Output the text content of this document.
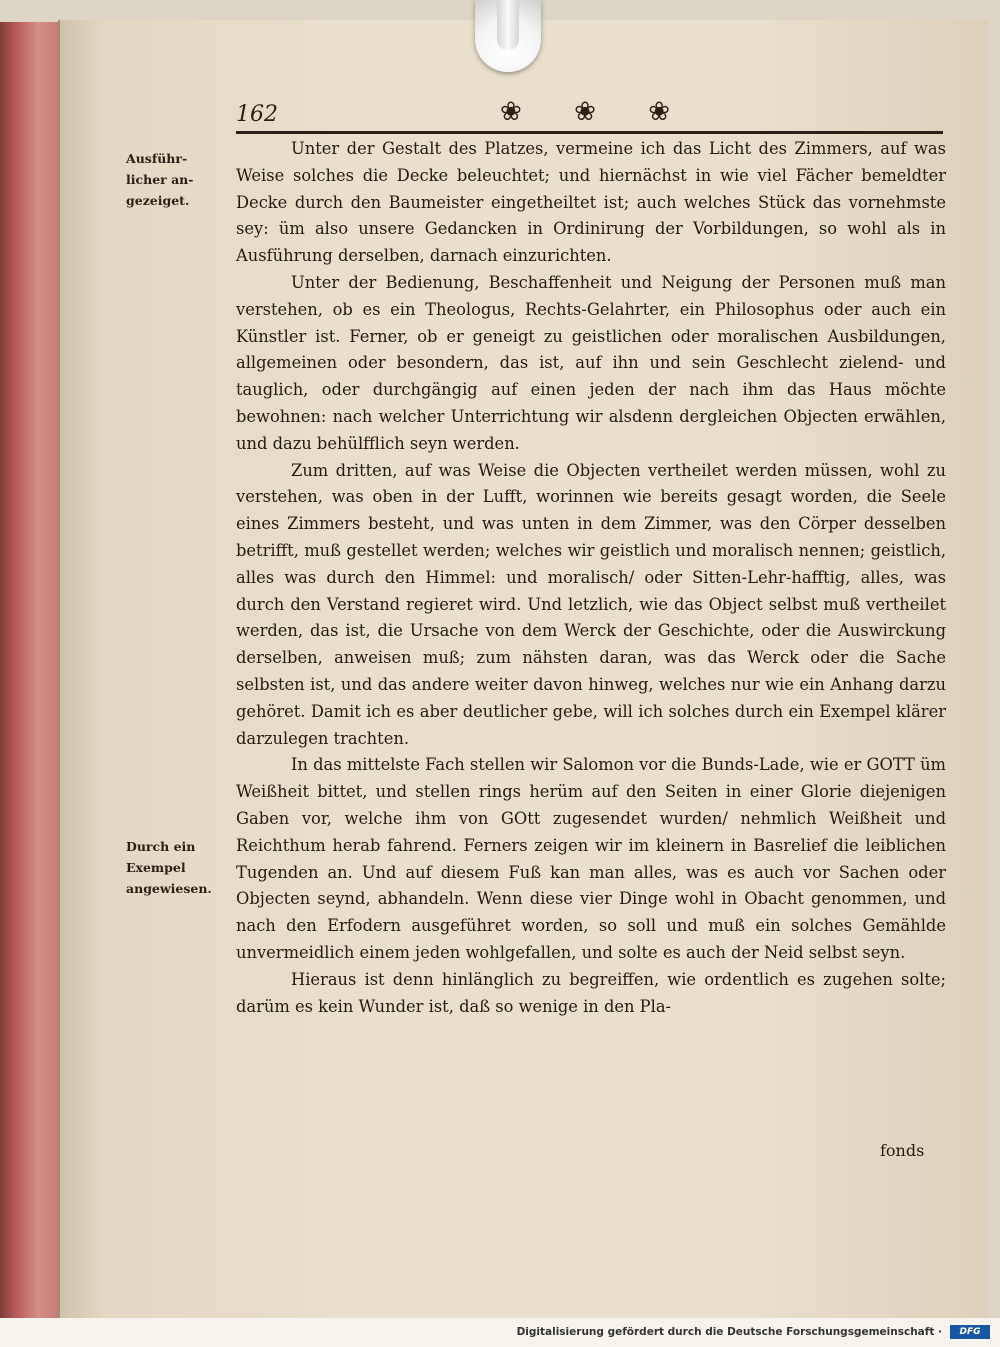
162	❀ ❀ ❀
Ausführ-
licher an-
gezeiget.
Durch ein
Exempel
angewiesen.

Unter der Gestalt des Platzes, vermeine ich das Licht des Zimmers, auf was Weise solches die Decke beleuchtet; und hiernächst in wie viel Fächer bemeldter Decke durch den Baumeister eingetheiltet ist; auch welches Stück das vornehmste sey: üm also unsere Gedancken in Ordinirung der Vorbildungen, so wohl als in Ausführung derselben, darnach einzurichten.

Unter der Bedienung, Beschaffenheit und Neigung der Personen muß man verstehen, ob es ein Theologus, Rechts-Gelahrter, ein Philosophus oder auch ein Künstler ist. Ferner, ob er geneigt zu geistlichen oder moralischen Ausbildungen, allgemeinen oder besondern, das ist, auf ihn und sein Geschlecht zielend- und tauglich, oder durchgängig auf einen jeden der nach ihm das Haus möchte bewohnen: nach welcher Unterrichtung wir alsdenn dergleichen Objecten erwählen, und dazu behülfflich seyn werden.

Zum dritten, auf was Weise die Objecten vertheilet werden müssen, wohl zu verstehen, was oben in der Lufft, worinnen wie bereits gesagt worden, die Seele eines Zimmers besteht, und was unten in dem Zimmer, was den Cörper desselben betrifft, muß gestellet werden; welches wir geistlich und moralisch nennen; geistlich, alles was durch den Himmel: und moralisch/ oder Sitten-Lehr-hafftig, alles, was durch den Verstand regieret wird. Und letzlich, wie das Object selbst muß vertheilet werden, das ist, die Ursache von dem Werck der Geschichte, oder die Auswirckung derselben, anweisen muß; zum nähsten daran, was das Werck oder die Sache selbsten ist, und das andere weiter davon hinweg, welches nur wie ein Anhang darzu gehöret. Damit ich es aber deutlicher gebe, will ich solches durch ein Exempel klärer darzulegen trachten.

In das mittelste Fach stellen wir Salomon vor die Bunds-Lade, wie er GOTT üm Weißheit bittet, und stellen rings herüm auf den Seiten in einer Glorie diejenigen Gaben vor, welche ihm von GOtt zugesendet wurden/ nehmlich Weißheit und Reichthum herab fahrend. Ferners zeigen wir im kleinern in Basrelief die leiblichen Tugenden an. Und auf diesem Fuß kan man alles, was es auch vor Sachen oder Objecten seynd, abhandeln. Wenn diese vier Dinge wohl in Obacht genommen, und nach den Erfodern ausgeführet worden, so soll und muß ein solches Gemählde unvermeidlich einem jeden wohlgefallen, und solte es auch der Neid selbst seyn.

Hieraus ist denn hinlänglich zu begreiffen, wie ordentlich es zugehen solte; darüm es kein Wunder ist, daß so wenige in den Pla-

fonds
Digitalisierung gefördert durch die Deutsche Forschungsgemeinschaft ·	DFG
